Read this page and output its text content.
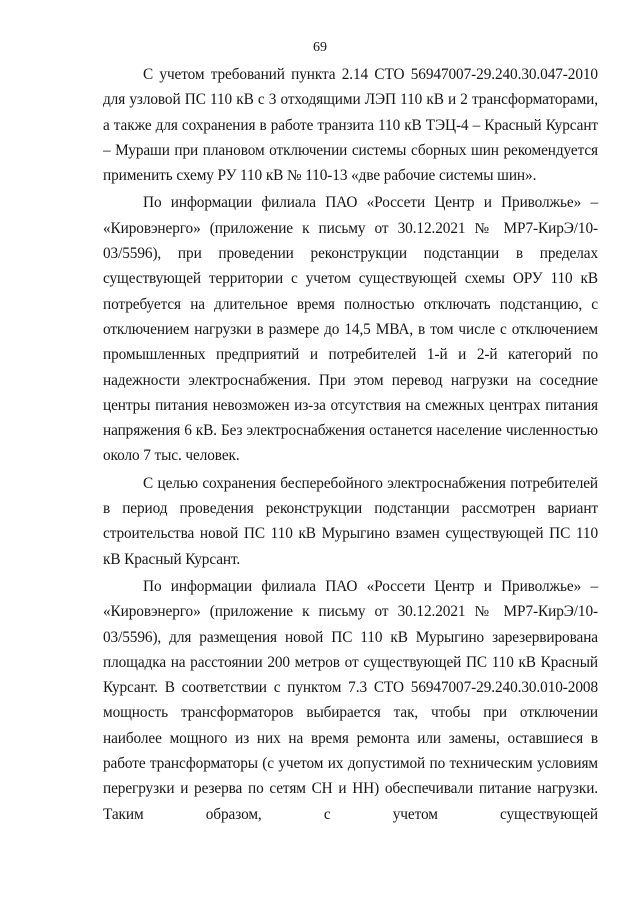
69

С учетом требований пункта 2.14 СТО 56947007-29.240.30.047-2010 для узловой ПС 110 кВ с 3 отходящими ЛЭП 110 кВ и 2 трансформаторами, а также для сохранения в работе транзита 110 кВ ТЭЦ-4 – Красный Курсант – Мураши при плановом отключении системы сборных шин рекомендуется применить схему РУ 110 кВ № 110-13 «две рабочие системы шин».

По информации филиала ПАО «Россети Центр и Приволжье» – «Кировэнерго» (приложение к письму от 30.12.2021 № МР7-КирЭ/10-03/5596), при проведении реконструкции подстанции в пределах существующей территории с учетом существующей схемы ОРУ 110 кВ потребуется на длительное время полностью отключать подстанцию, с отключением нагрузки в размере до 14,5 МВА, в том числе с отключением промышленных предприятий и потребителей 1-й и 2-й категорий по надежности электроснабжения. При этом перевод нагрузки на соседние центры питания невозможен из-за отсутствия на смежных центрах питания напряжения 6 кВ. Без электроснабжения останется население численностью около 7 тыс. человек.

С целью сохранения бесперебойного электроснабжения потребителей в период проведения реконструкции подстанции рассмотрен вариант строительства новой ПС 110 кВ Мурыгино взамен существующей ПС 110 кВ Красный Курсант.

По информации филиала ПАО «Россети Центр и Приволжье» – «Кировэнерго» (приложение к письму от 30.12.2021 № МР7-КирЭ/10-03/5596), для размещения новой ПС 110 кВ Мурыгино зарезервирована площадка на расстоянии 200 метров от существующей ПС 110 кВ Красный Курсант. В соответствии с пунктом 7.3 СТО 56947007-29.240.30.010-2008 мощность трансформаторов выбирается так, чтобы при отключении наиболее мощного из них на время ремонта или замены, оставшиеся в работе трансформаторы (с учетом их допустимой по техническим условиям перегрузки и резерва по сетям СН и НН) обеспечивали питание нагрузки. Таким образом, с учетом существующей
